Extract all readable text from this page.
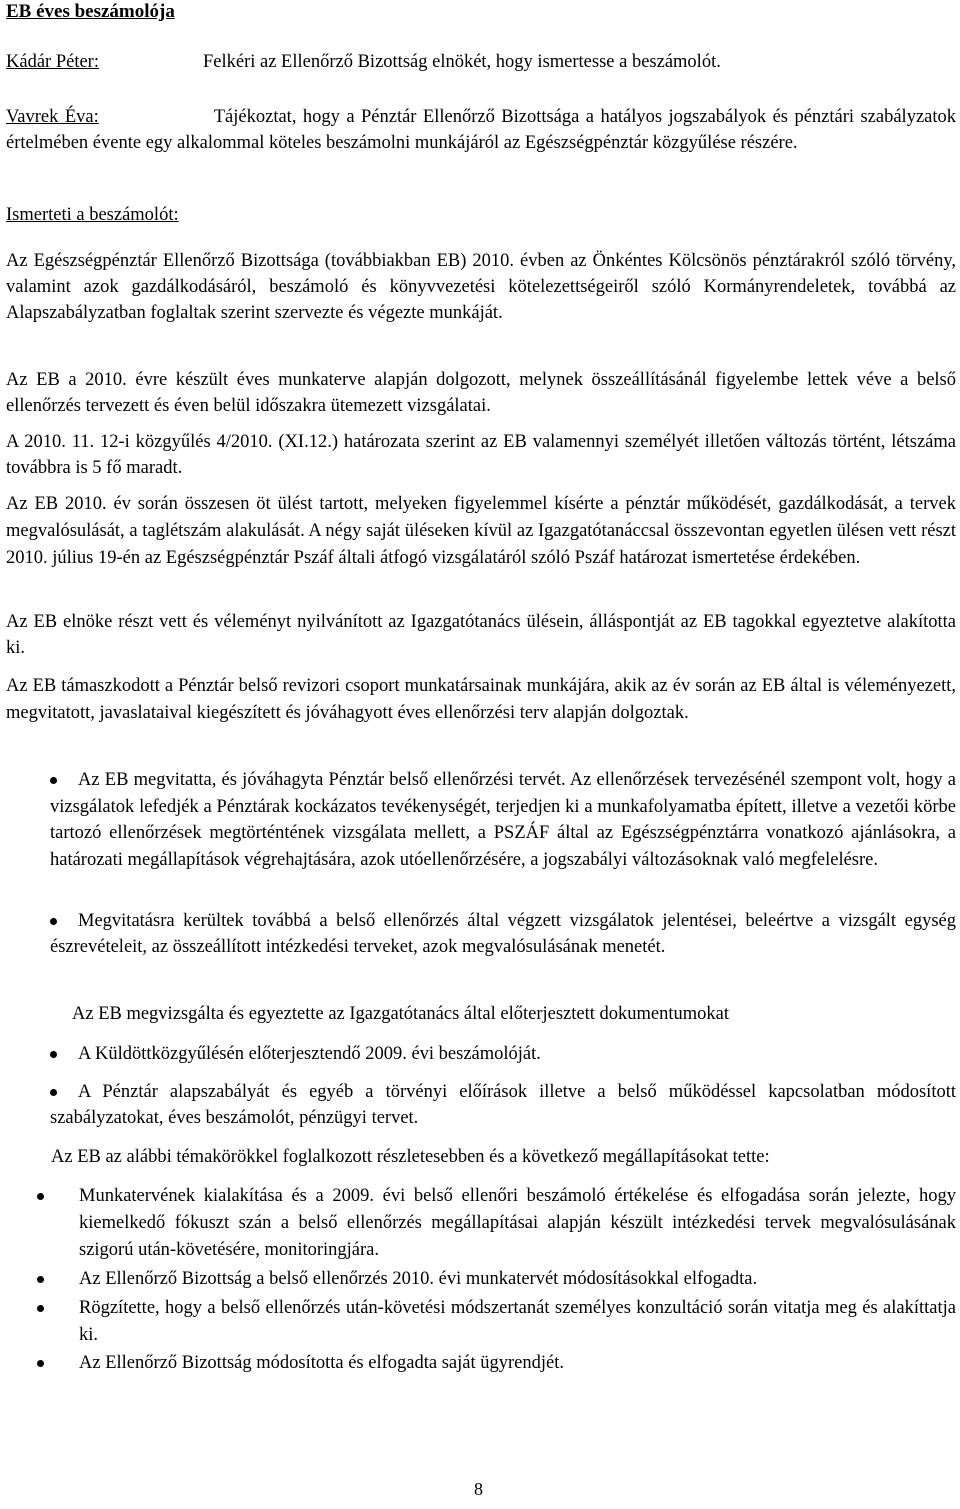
EB éves beszámolója

Kádár Péter:	Felkéri az Ellenőrző Bizottság elnökét, hogy ismertesse a beszámolót.

Vavrek Éva:	Tájékoztat, hogy a Pénztár Ellenőrző Bizottsága a hatályos jogszabályok és pénztári szabályzatok értelmében évente egy alkalommal köteles beszámolni munkájáról az Egészségpénztár közgyűlése részére.

Ismerteti a beszámolót:

Az Egészségpénztár Ellenőrző Bizottsága (továbbiakban EB) 2010. évben az Önkéntes Kölcsönös pénztárakról szóló törvény, valamint azok gazdálkodásáról, beszámoló és könyvvezetési kötelezettségeiről szóló Kormányrendeletek, továbbá az Alapszabályzatban foglaltak szerint szervezte és végezte munkáját.

Az EB a 2010. évre készült éves munkaterve alapján dolgozott, melynek összeállításánál figyelembe lettek véve a belső ellenőrzés tervezett és éven belül időszakra ütemezett vizsgálatai.

A 2010. 11. 12-i közgyűlés 4/2010. (XI.12.) határozata szerint az EB valamennyi személyét illetően változás történt, létszáma továbbra is 5 fő maradt.

Az EB 2010. év során összesen öt ülést tartott, melyeken figyelemmel kísérte a pénztár működését, gazdálkodását, a tervek megvalósulását, a taglétszám alakulását. A négy saját üléseken kívül az Igazgatótanáccsal összevontan egyetlen ülésen vett részt 2010. július 19-én az Egészségpénztár Pszáf általi átfogó vizsgálatáról szóló Pszáf határozat ismertetése érdekében.

Az EB elnöke részt vett és véleményt nyilvánított az Igazgatótanács ülésein, álláspontját az EB tagokkal egyeztetve alakította ki.

Az EB támaszkodott a Pénztár belső revizori csoport munkatársainak munkájára, akik az év során az EB által is véleményezett, megvitatott, javaslataival kiegészített és jóváhagyott éves ellenőrzési terv alapján dolgoztak.

Az EB megvitatta, és jóváhagyta Pénztár belső ellenőrzési tervét. Az ellenőrzések tervezésénél szempont volt, hogy a vizsgálatok lefedjék a Pénztárak kockázatos tevékenységét, terjedjen ki a munkafolyamatba épített, illetve a vezetői körbe tartozó ellenőrzések megtörténtének vizsgálata mellett, a PSZÁF által az Egészségpénztárra vonatkozó ajánlásokra, a határozati megállapítások végrehajtására, azok utóellenőrzésére, a jogszabályi változásoknak való megfelelésre.

Megvitatásra kerültek továbbá a belső ellenőrzés által végzett vizsgálatok jelentései, beleértve a vizsgált egység észrevételeit, az összeállított intézkedési terveket, azok megvalósulásának menetét.

Az EB megvizsgálta és egyeztette az Igazgatótanács által előterjesztett dokumentumokat

A Küldöttközgyűlésén előterjesztendő 2009. évi beszámolóját.

A Pénztár alapszabályát és egyéb a törvényi előírások illetve a belső működéssel kapcsolatban módosított szabályzatokat, éves beszámolót, pénzügyi tervet.

Az EB az alábbi témakörökkel foglalkozott részletesebben és a következő megállapításokat tette:

Munkatervének kialakítása és a 2009. évi belső ellenőri beszámoló értékelése és elfogadása során jelezte, hogy kiemelkedő fókuszt szán a belső ellenőrzés megállapításai alapján készült intézkedési tervek megvalósulásának szigorú után-követésére, monitoringjára.

Az Ellenőrző Bizottság a belső ellenőrzés 2010. évi munkatervét módosításokkal elfogadta.

Rögzítette, hogy a belső ellenőrzés után-követési módszertanát személyes konzultáció során vitatja meg és alakíttatja ki.

Az Ellenőrző Bizottság módosította és elfogadta saját ügyrendjét.

8
